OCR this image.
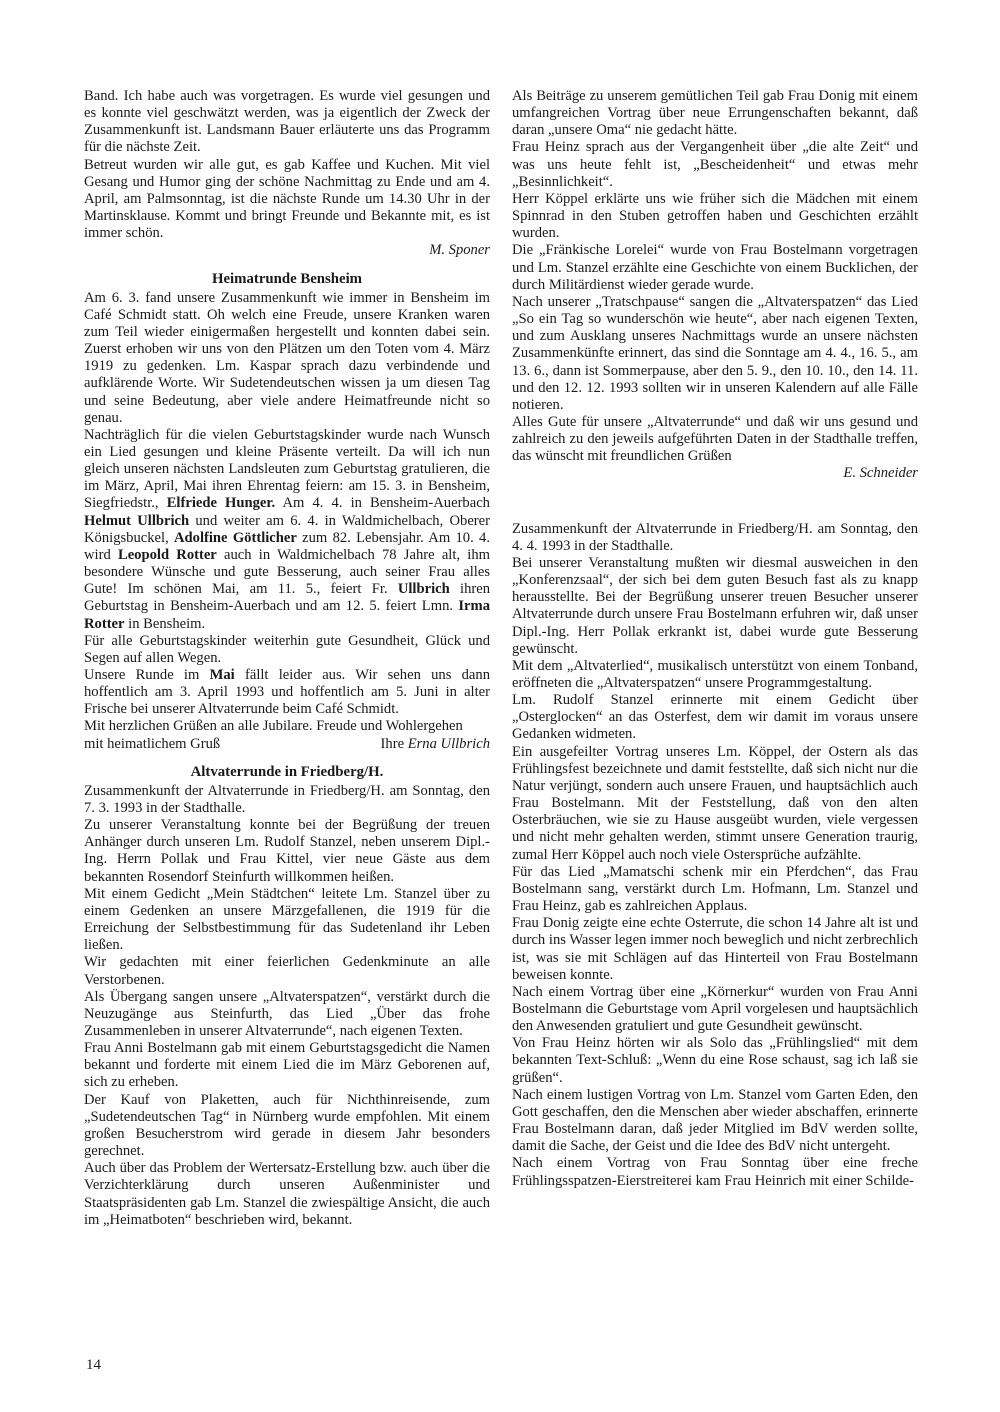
Band. Ich habe auch was vorgetragen. Es wurde viel gesungen und es konnte viel geschwätzt werden, was ja eigentlich der Zweck der Zusammenkunft ist. Landsmann Bauer erläuterte uns das Programm für die nächste Zeit.

Betreut wurden wir alle gut, es gab Kaffee und Kuchen. Mit viel Gesang und Humor ging der schöne Nachmittag zu Ende und am 4. April, am Palmsonntag, ist die nächste Runde um 14.30 Uhr in der Martinsklause. Kommt und bringt Freunde und Bekannte mit, es ist immer schön.

M. Sponer

Heimatrunde Bensheim

Am 6. 3. fand unsere Zusammenkunft wie immer in Bensheim im Café Schmidt statt. Oh welch eine Freude, unsere Kranken waren zum Teil wieder einigermaßen hergestellt und konnten dabei sein. Zuerst erhoben wir uns von den Plätzen um den Toten vom 4. März 1919 zu gedenken. Lm. Kaspar sprach dazu verbindende und aufklärende Worte. Wir Sudetendeutschen wissen ja um diesen Tag und seine Bedeutung, aber viele andere Heimatfreunde nicht so genau.

Nachträglich für die vielen Geburtstagskinder wurde nach Wunsch ein Lied gesungen und kleine Präsente verteilt. Da will ich nun gleich unseren nächsten Landsleuten zum Geburtstag gratulieren, die im März, April, Mai ihren Ehrentag feiern: am 15. 3. in Bensheim, Siegfriedstr., Elfriede Hunger. Am 4. 4. in Bensheim-Auerbach Helmut Ullbrich und weiter am 6. 4. in Waldmichelbach, Oberer Königsbuckel, Adolfine Göttlicher zum 82. Lebensjahr. Am 10. 4. wird Leopold Rotter auch in Waldmichelbach 78 Jahre alt, ihm besondere Wünsche und gute Besserung, auch seiner Frau alles Gute! Im schönen Mai, am 11. 5., feiert Fr. Ullbrich ihren Geburtstag in Bensheim-Auerbach und am 12. 5. feiert Lmn. Irma Rotter in Bensheim.

Für alle Geburtstagskinder weiterhin gute Gesundheit, Glück und Segen auf allen Wegen.

Unsere Runde im Mai fällt leider aus. Wir sehen uns dann hoffentlich am 3. April 1993 und hoffentlich am 5. Juni in alter Frische bei unserer Altvaterrunde beim Café Schmidt.

Mit herzlichen Grüßen an alle Jubilare. Freude und Wohlergehen

mit heimatlichem Gruß	Ihre Erna Ullbrich
Altvaterrunde in Friedberg/H.

Zusammenkunft der Altvaterrunde in Friedberg/H. am Sonntag, den 7. 3. 1993 in der Stadthalle.

Zu unserer Veranstaltung konnte bei der Begrüßung der treuen Anhänger durch unseren Lm. Rudolf Stanzel, neben unserem Dipl.-Ing. Herrn Pollak und Frau Kittel, vier neue Gäste aus dem bekannten Rosendorf Steinfurth willkommen heißen.

Mit einem Gedicht „Mein Städtchen“ leitete Lm. Stanzel über zu einem Gedenken an unsere Märzgefallenen, die 1919 für die Erreichung der Selbstbestimmung für das Sudetenland ihr Leben ließen.

Wir gedachten mit einer feierlichen Gedenkminute an alle Verstorbenen.

Als Übergang sangen unsere „Altvaterspatzen“, verstärkt durch die Neuzugänge aus Steinfurth, das Lied „Über das frohe Zusammenleben in unserer Altvaterrunde“, nach eigenen Texten.

Frau Anni Bostelmann gab mit einem Geburtstagsgedicht die Namen bekannt und forderte mit einem Lied die im März Geborenen auf, sich zu erheben.

Der Kauf von Plaketten, auch für Nichthinreisende, zum „Sudetendeutschen Tag“ in Nürnberg wurde empfohlen. Mit einem großen Besucherstrom wird gerade in diesem Jahr besonders gerechnet.

Auch über das Problem der Wertersatz-Erstellung bzw. auch über die Verzichterklärung durch unseren Außenminister und Staatspräsidenten gab Lm. Stanzel die zwiespältige Ansicht, die auch im „Heimatboten“ beschrieben wird, bekannt.

Als Beiträge zu unserem gemütlichen Teil gab Frau Donig mit einem umfangreichen Vortrag über neue Errungenschaften bekannt, daß daran „unsere Oma“ nie gedacht hätte.

Frau Heinz sprach aus der Vergangenheit über „die alte Zeit“ und was uns heute fehlt ist, „Bescheidenheit“ und etwas mehr „Besinnlichkeit“.

Herr Köppel erklärte uns wie früher sich die Mädchen mit einem Spinnrad in den Stuben getroffen haben und Geschichten erzählt wurden.

Die „Fränkische Lorelei“ wurde von Frau Bostelmann vorgetragen und Lm. Stanzel erzählte eine Geschichte von einem Bucklichen, der durch Militärdienst wieder gerade wurde.

Nach unserer „Tratschpause“ sangen die „Altvaterspatzen“ das Lied „So ein Tag so wunderschön wie heute“, aber nach eigenen Texten, und zum Ausklang unseres Nachmittags wurde an unsere nächsten Zusammenkünfte erinnert, das sind die Sonntage am 4. 4., 16. 5., am 13. 6., dann ist Sommerpause, aber den 5. 9., den 10. 10., den 14. 11. und den 12. 12. 1993 sollten wir in unseren Kalendern auf alle Fälle notieren.

Alles Gute für unsere „Altvaterrunde“ und daß wir uns gesund und zahlreich zu den jeweils aufgeführten Daten in der Stadthalle treffen, das wünscht mit freundlichen Grüßen

E. Schneider

Zusammenkunft der Altvaterrunde in Friedberg/H. am Sonntag, den 4. 4. 1993 in der Stadthalle.

Bei unserer Veranstaltung mußten wir diesmal ausweichen in den „Konferenzsaal“, der sich bei dem guten Besuch fast als zu knapp herausstellte. Bei der Begrüßung unserer treuen Besucher unserer Altvaterrunde durch unsere Frau Bostelmann erfuhren wir, daß unser Dipl.-Ing. Herr Pollak erkrankt ist, dabei wurde gute Besserung gewünscht.

Mit dem „Altvaterlied“, musikalisch unterstützt von einem Tonband, eröffneten die „Altvaterspatzen“ unsere Programmgestaltung.

Lm. Rudolf Stanzel erinnerte mit einem Gedicht über „Osterglocken“ an das Osterfest, dem wir damit im voraus unsere Gedanken widmeten.

Ein ausgefeilter Vortrag unseres Lm. Köppel, der Ostern als das Frühlingsfest bezeichnete und damit feststellte, daß sich nicht nur die Natur verjüngt, sondern auch unsere Frauen, und hauptsächlich auch Frau Bostelmann. Mit der Feststellung, daß von den alten Osterbräuchen, wie sie zu Hause ausgeübt wurden, viele vergessen und nicht mehr gehalten werden, stimmt unsere Generation traurig, zumal Herr Köppel auch noch viele Ostersprüche aufzählte.

Für das Lied „Mamatschi schenk mir ein Pferdchen“, das Frau Bostelmann sang, verstärkt durch Lm. Hofmann, Lm. Stanzel und Frau Heinz, gab es zahlreichen Applaus.

Frau Donig zeigte eine echte Osterrute, die schon 14 Jahre alt ist und durch ins Wasser legen immer noch beweglich und nicht zerbrechlich ist, was sie mit Schlägen auf das Hinterteil von Frau Bostelmann beweisen konnte.

Nach einem Vortrag über eine „Körnerkur“ wurden von Frau Anni Bostelmann die Geburtstage vom April vorgelesen und hauptsächlich den Anwesenden gratuliert und gute Gesundheit gewünscht.

Von Frau Heinz hörten wir als Solo das „Frühlingslied“ mit dem bekannten Text-Schluß: „Wenn du eine Rose schaust, sag ich laß sie grüßen“.

Nach einem lustigen Vortrag von Lm. Stanzel vom Garten Eden, den Gott geschaffen, den die Menschen aber wieder abschaffen, erinnerte Frau Bostelmann daran, daß jeder Mitglied im BdV werden sollte, damit die Sache, der Geist und die Idee des BdV nicht untergeht.

Nach einem Vortrag von Frau Sonntag über eine freche Frühlingsspatzen-Eierstreiterei kam Frau Heinrich mit einer Schilde-

14
